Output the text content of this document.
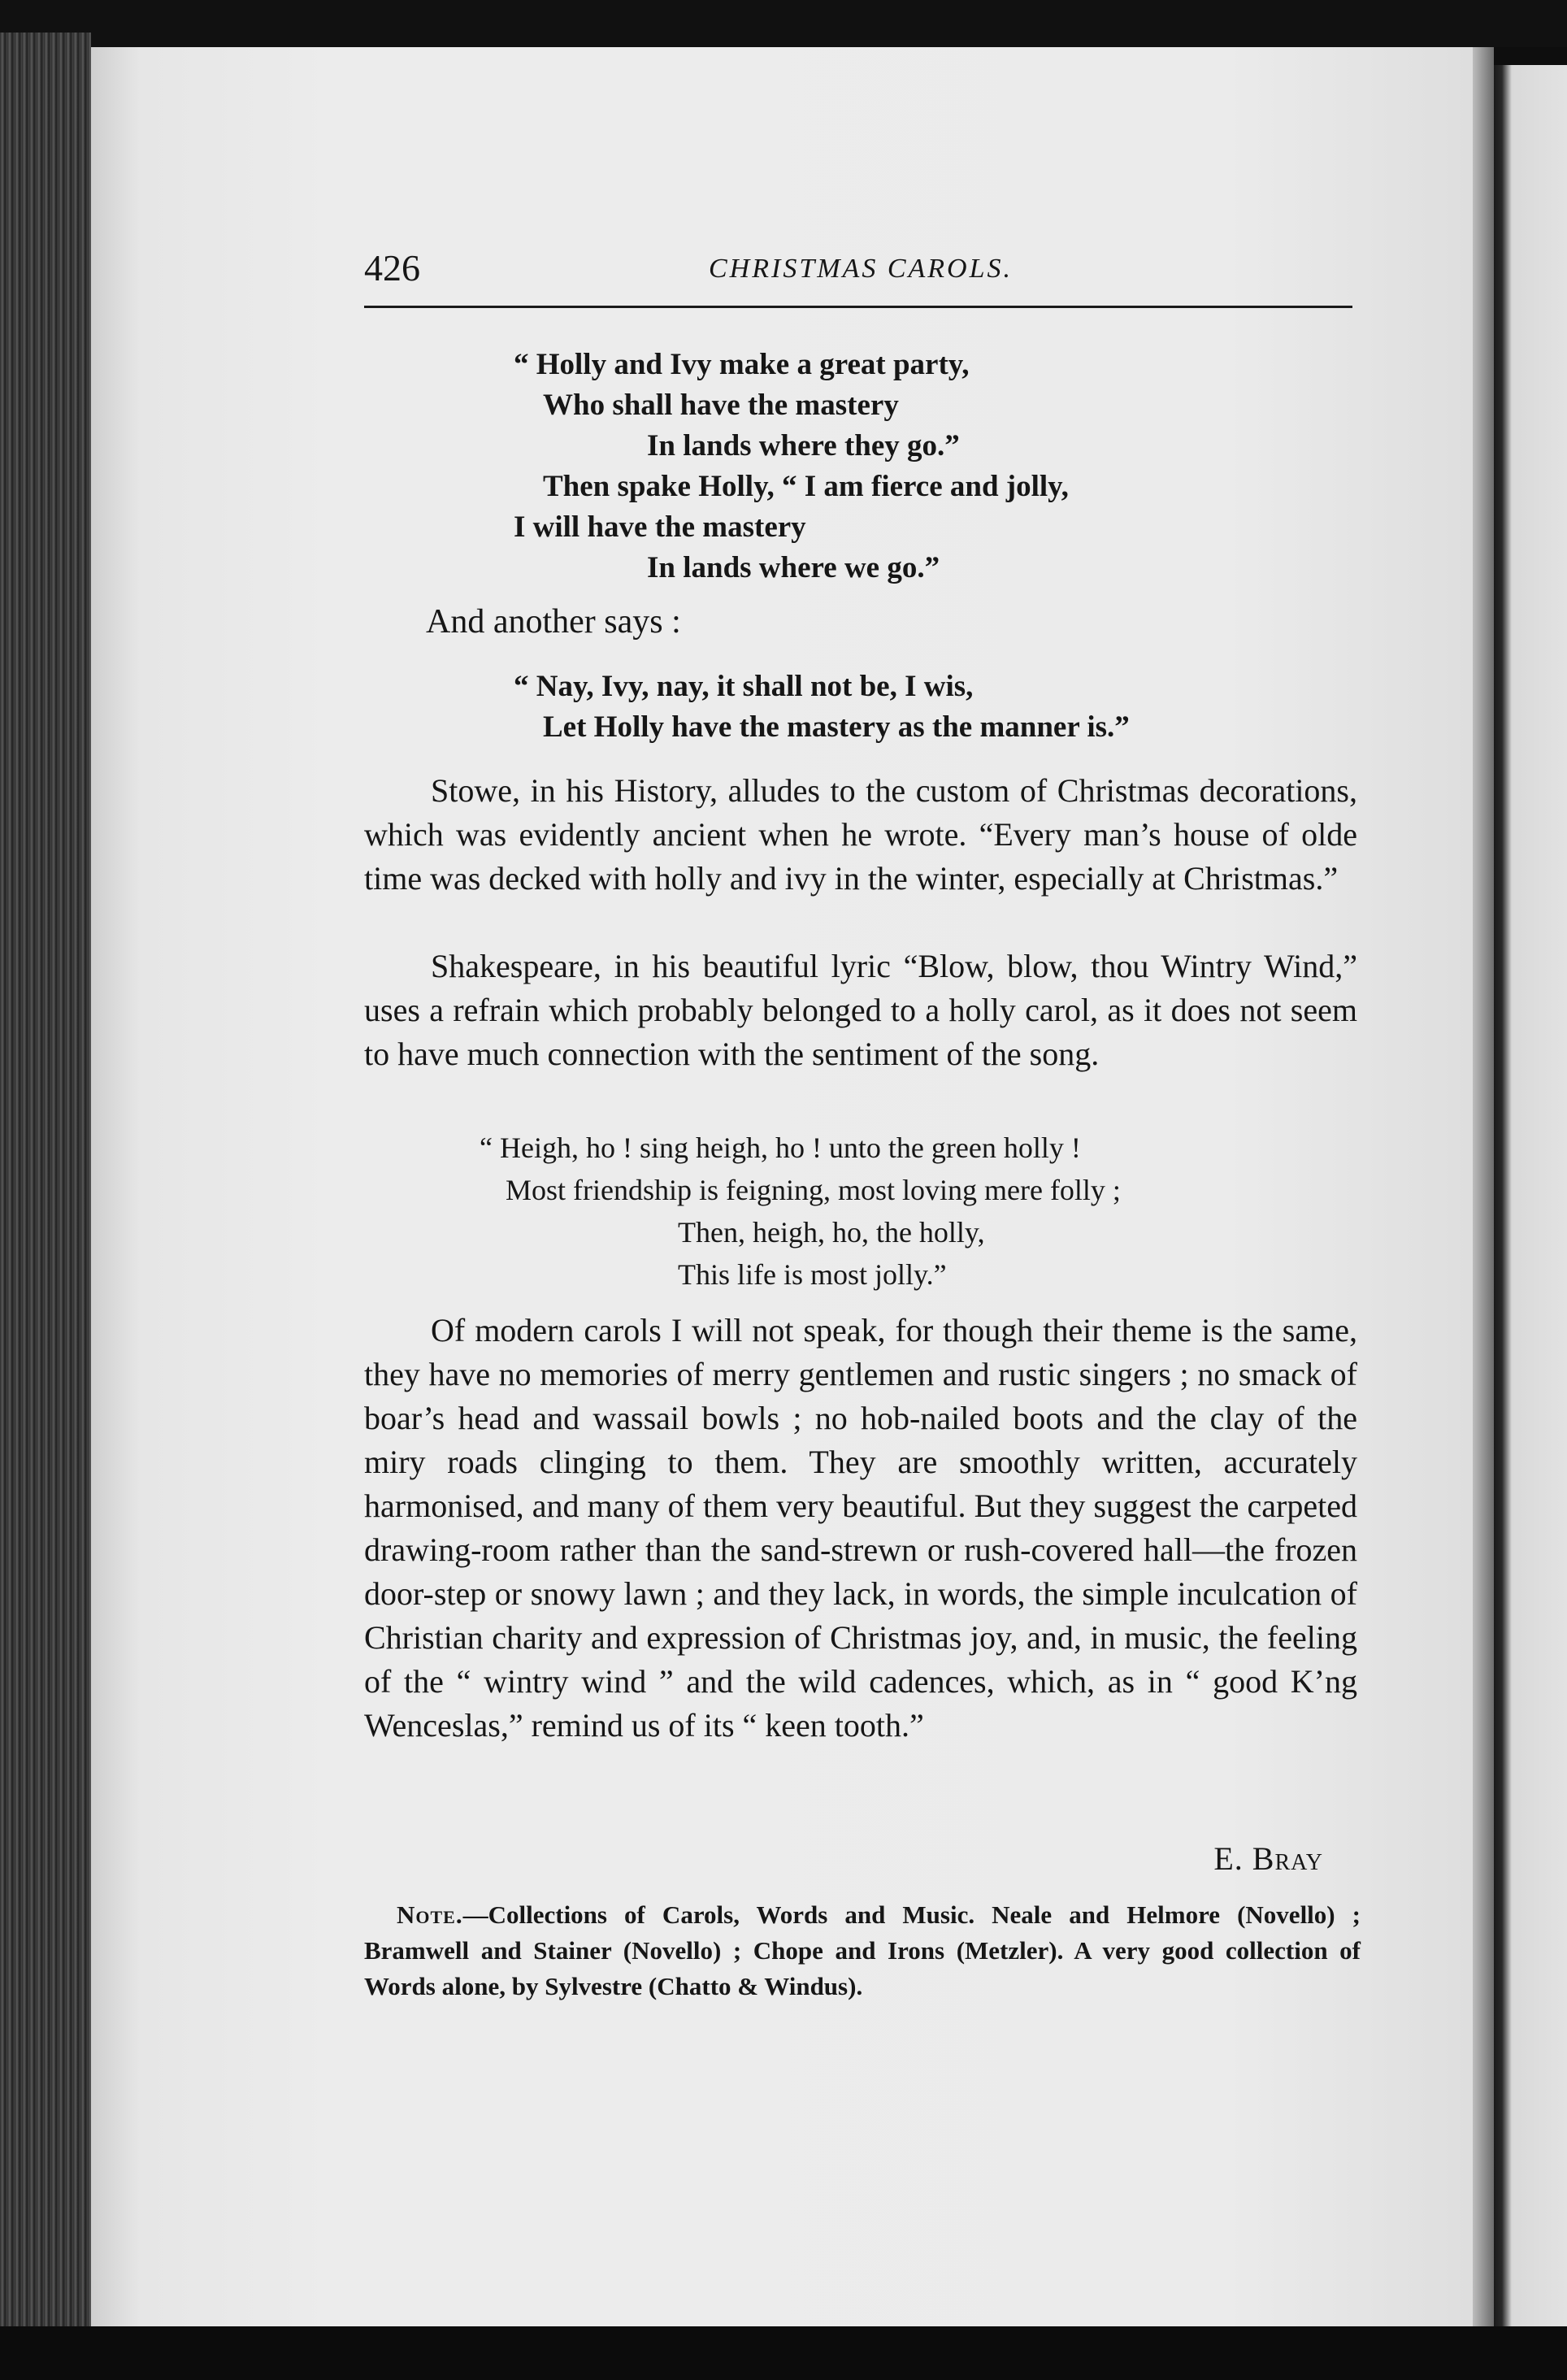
426	CHRISTMAS CAROLS.
“ Holly and Ivy make a great party,
Who shall have the mastery
In lands where they go.”
Then spake Holly, “ I am fierce and jolly,
I will have the mastery
In lands where we go.”

And another says :

“ Nay, Ivy, nay, it shall not be, I wis,
Let Holly have the mastery as the manner is.”

Stowe, in his History, alludes to the custom of Christmas decorations, which was evidently ancient when he wrote. “Every man’s house of olde time was decked with holly and ivy in the winter, especially at Christmas.”

Shakespeare, in his beautiful lyric “Blow, blow, thou Wintry Wind,” uses a refrain which probably belonged to a holly carol, as it does not seem to have much connection with the sentiment of the song.

“ Heigh, ho ! sing heigh, ho ! unto the green holly !
Most friendship is feigning, most loving mere folly ;
Then, heigh, ho, the holly,
This life is most jolly.”

Of modern carols I will not speak, for though their theme is the same, they have no memories of merry gentlemen and rustic singers ; no smack of boar’s head and wassail bowls ; no hob-nailed boots and the clay of the miry roads clinging to them. They are smoothly written, accurately harmonised, and many of them very beautiful. But they suggest the carpeted drawing-room rather than the sand-strewn or rush-covered hall—the frozen door-step or snowy lawn ; and they lack, in words, the simple inculcation of Christian charity and expression of Christmas joy, and, in music, the feeling of the “ wintry wind ” and the wild cadences, which, as in “ good K’ng Wenceslas,” remind us of its “ keen tooth.”

E. Bray

Note.—Collections of Carols, Words and Music. Neale and Helmore (Novello) ; Bramwell and Stainer (Novello) ; Chope and Irons (Metzler). A very good collection of Words alone, by Sylvestre (Chatto & Windus).
